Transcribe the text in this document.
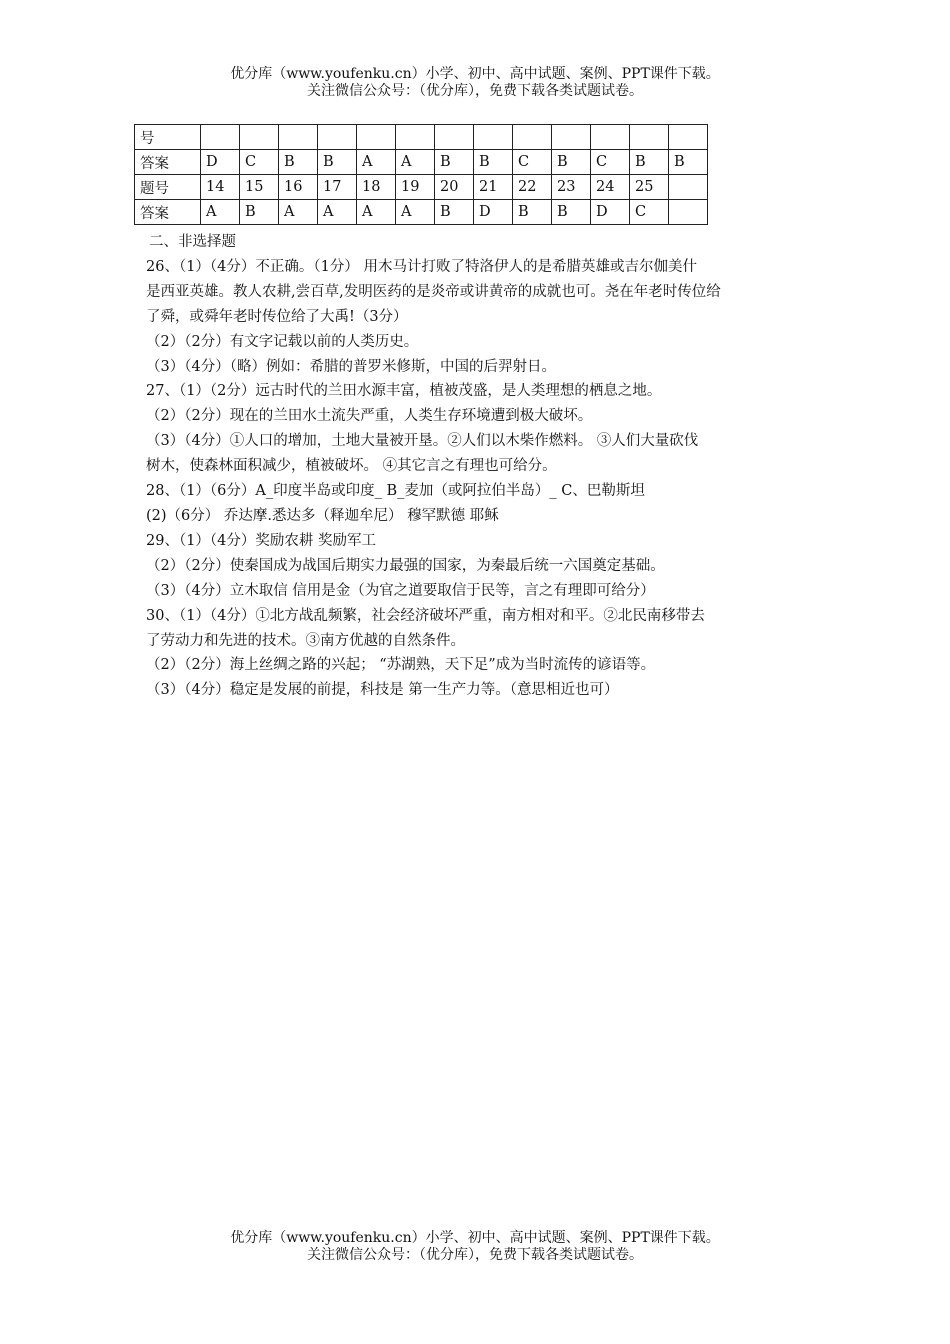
优分库（www.youfenku.cn）小学、初中、高中试题、案例、PPT课件下载。
关注微信公众号：（优分库），免费下载各类试题试卷。
号													
答案	D	C	B	B	A	A	B	B	C	B	C	B	B
题号	14	15	16	17	18	19	20	21	22	23	24	25	
答案	A	B	A	A	A	A	B	D	B	B	D	C	

二、非选择题

26、（1）（4分）不正确。（1分） 用木马计打败了特洛伊人的是希腊英雄或吉尔伽美什

是西亚英雄。教人农耕,尝百草,发明医药的是炎帝或讲黄帝的成就也可。尧在年老时传位给

了舜，或舜年老时传位给了大禹!（3分）

（2）（2分）有文字记载以前的人类历史。

（3）（4分）（略）例如：希腊的普罗米修斯，中国的后羿射日。

27、（1）（2分）远古时代的兰田水源丰富，植被茂盛，是人类理想的栖息之地。

（2）（2分）现在的兰田水土流失严重，人类生存环境遭到极大破坏。

（3）（4分）①人口的增加，土地大量被开垦。②人们以木柴作燃料。 ③人们大量砍伐

树木，使森林面积减少，植被破坏。 ④其它言之有理也可给分。

28、（1）（6分）A_印度半岛或印度_ B_麦加（或阿拉伯半岛）_ C、巴勒斯坦

(2)（6分） 乔达摩.悉达多（释迦牟尼） 穆罕默德 耶稣

29、（1）（4分）奖励农耕 奖励军工

（2）（2分）使秦国成为战国后期实力最强的国家，为秦最后统一六国奠定基础。

（3）（4分）立木取信 信用是金（为官之道要取信于民等，言之有理即可给分）

30、（1）（4分）①北方战乱频繁，社会经济破坏严重，南方相对和平。②北民南移带去

了劳动力和先进的技术。③南方优越的自然条件。

（2）（2分）海上丝绸之路的兴起； “苏湖熟，天下足”成为当时流传的谚语等。

（3）（4分）稳定是发展的前提，科技是 第一生产力等。（意思相近也可）

优分库（www.youfenku.cn）小学、初中、高中试题、案例、PPT课件下载。
关注微信公众号：（优分库），免费下载各类试题试卷。
